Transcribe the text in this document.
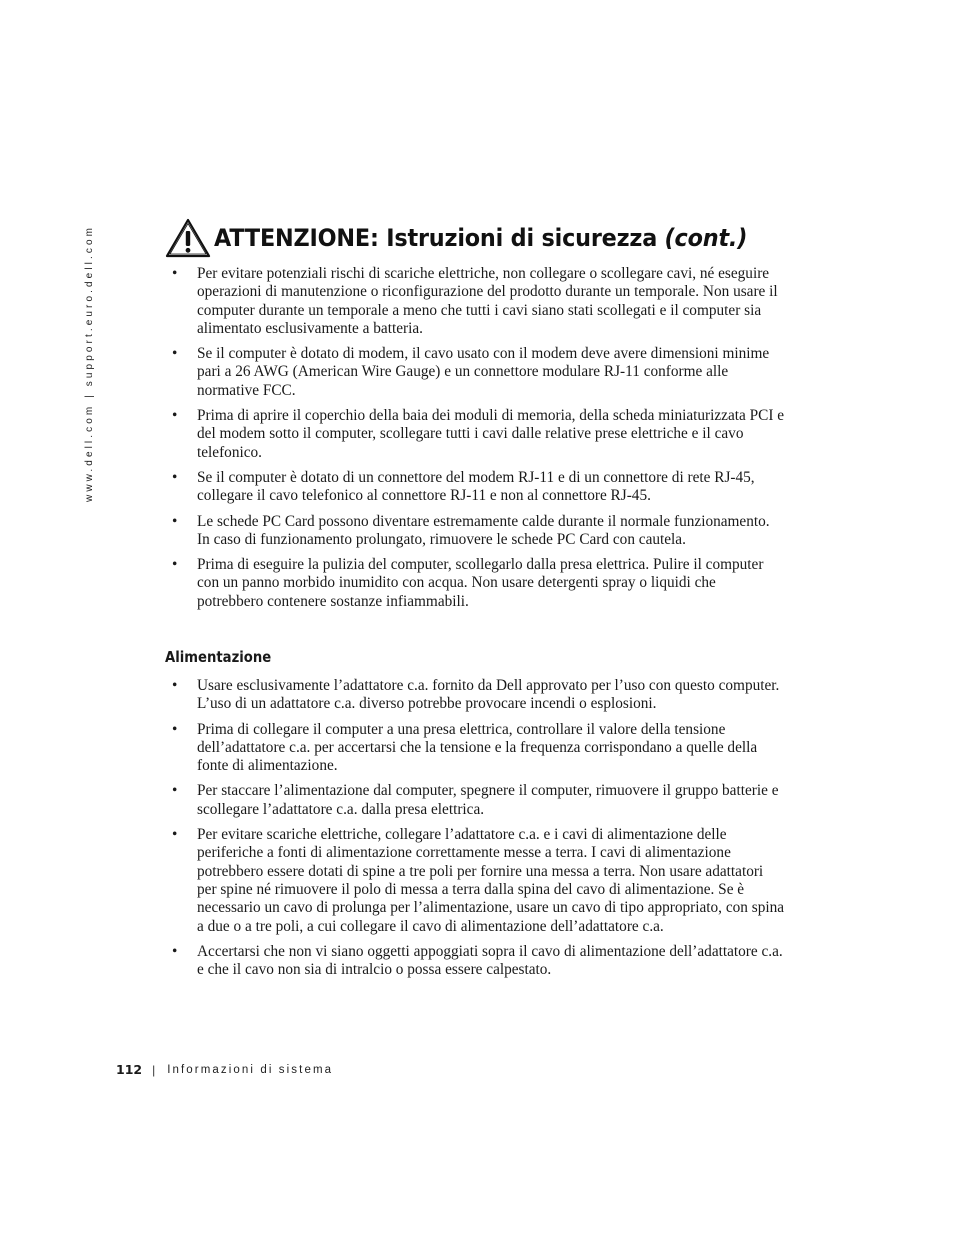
www.dell.com | support.euro.dell.com	ATTENZIONE: Istruzioni di sicurezza (cont.)
• Per evitare potenziali rischi di scariche elettriche, non collegare o scollegare cavi, né eseguire operazioni di manutenzione o riconfigurazione del prodotto durante un temporale. Non usare il computer durante un temporale a meno che tutti i cavi siano stati scollegati e il computer sia alimentato esclusivamente a batteria.
• Se il computer è dotato di modem, il cavo usato con il modem deve avere dimensioni minime pari a 26 AWG (American Wire Gauge) e un connettore modulare RJ-11 conforme alle normative FCC.
• Prima di aprire il coperchio della baia dei moduli di memoria, della scheda miniaturizzata PCI e del modem sotto il computer, scollegare tutti i cavi dalle relative prese elettriche e il cavo telefonico.
• Se il computer è dotato di un connettore del modem RJ-11 e di un connettore di rete RJ-45, collegare il cavo telefonico al connettore RJ-11 e non al connettore RJ-45.
• Le schede PC Card possono diventare estremamente calde durante il normale funzionamento. In caso di funzionamento prolungato, rimuovere le schede PC Card con cautela.
• Prima di eseguire la pulizia del computer, scollegarlo dalla presa elettrica. Pulire il computer con un panno morbido inumidito con acqua. Non usare detergenti spray o liquidi che potrebbero contenere sostanze infiammabili.
Alimentazione
• Usare esclusivamente l’adattatore c.a. fornito da Dell approvato per l’uso con questo computer. L’uso di un adattatore c.a. diverso potrebbe provocare incendi o esplosioni.
• Prima di collegare il computer a una presa elettrica, controllare il valore della tensione dell’adattatore c.a. per accertarsi che la tensione e la frequenza corrispondano a quelle della fonte di alimentazione.
• Per staccare l’alimentazione dal computer, spegnere il computer, rimuovere il gruppo batterie e scollegare l’adattatore c.a. dalla presa elettrica.
• Per evitare scariche elettriche, collegare l’adattatore c.a. e i cavi di alimentazione delle periferiche a fonti di alimentazione correttamente messe a terra. I cavi di alimentazione potrebbero essere dotati di spine a tre poli per fornire una messa a terra. Non usare adattatori per spine né rimuovere il polo di messa a terra dalla spina del cavo di alimentazione. Se è necessario un cavo di prolunga per l’alimentazione, usare un cavo di tipo appropriato, con spina a due o a tre poli, a cui collegare il cavo di alimentazione dell’adattatore c.a.
• Accertarsi che non vi siano oggetti appoggiati sopra il cavo di alimentazione dell’adattatore c.a. e che il cavo non sia di intralcio o possa essere calpestato.
112 | Informazioni di sistema
